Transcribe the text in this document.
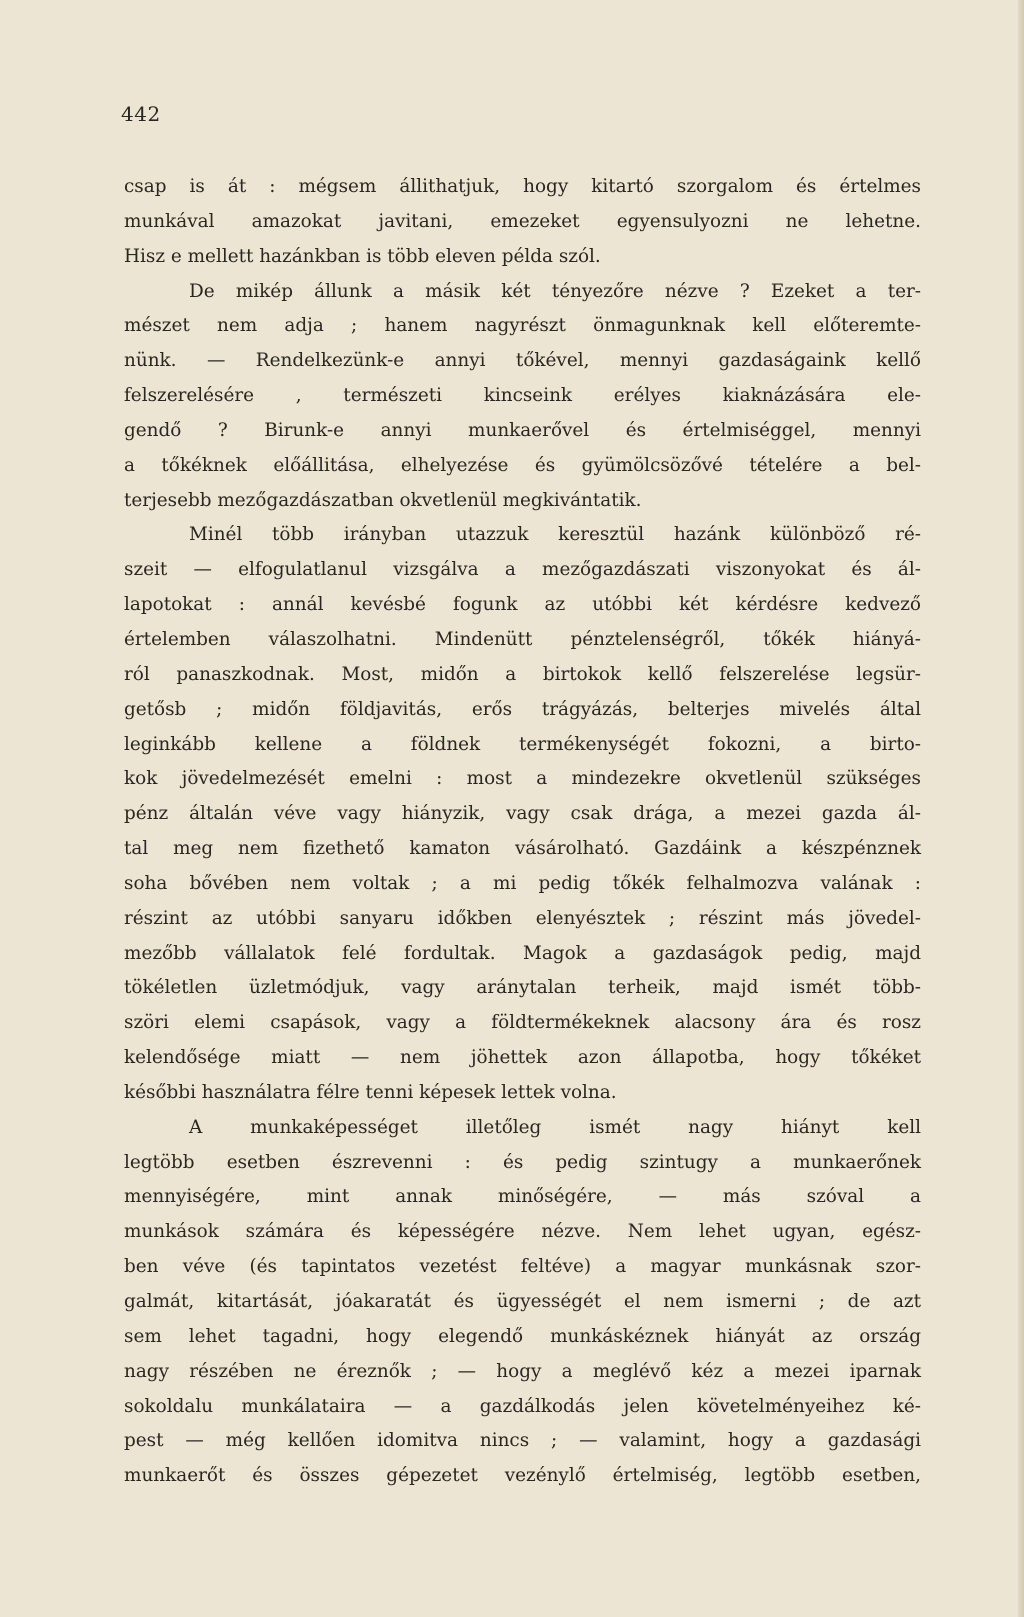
442
csap is át : mégsem állithatjuk, hogy kitartó szorgalom és értelmes
munkával amazokat javitani, emezeket egyensulyozni ne lehetne.
Hisz e mellett hazánkban is több eleven példa szól.
De mikép állunk a másik két tényezőre nézve ? Ezeket a ter-
mészet nem adja ; hanem nagyrészt önmagunknak kell előteremte-
nünk. — Rendelkezünk-e annyi tőkével, mennyi gazdaságaink kellő
felszerelésére , természeti kincseink erélyes kiaknázására ele-
gendő ? Birunk-e annyi munkaerővel és értelmiséggel, mennyi
a tőkéknek előállitása, elhelyezése és gyümölcsözővé tételére a bel-
terjesebb mezőgazdászatban okvetlenül megkivántatik.
Minél több irányban utazzuk keresztül hazánk különböző ré-
szeit — elfogulatlanul vizsgálva a mezőgazdászati viszonyokat és ál-
lapotokat : annál kevésbé fogunk az utóbbi két kérdésre kedvező
értelemben válaszolhatni. Mindenütt pénztelenségről, tőkék hiányá-
ról panaszkodnak. Most, midőn a birtokok kellő felszerelése legsür-
getősb ; midőn földjavitás, erős trágyázás, belterjes mivelés által
leginkább kellene a földnek termékenységét fokozni, a birto-
kok jövedelmezését emelni : most a mindezekre okvetlenül szükséges
pénz általán véve vagy hiányzik, vagy csak drága, a mezei gazda ál-
tal meg nem fizethető kamaton vásárolható. Gazdáink a készpénznek
soha bővében nem voltak ; a mi pedig tőkék felhalmozva valának :
részint az utóbbi sanyaru időkben elenyésztek ; részint más jövedel-
mezőbb vállalatok felé fordultak. Magok a gazdaságok pedig, majd
tökéletlen üzletmódjuk, vagy aránytalan terheik, majd ismét több-
szöri elemi csapások, vagy a földtermékeknek alacsony ára és rosz
kelendősége miatt — nem jöhettek azon állapotba, hogy tőkéket
későbbi használatra félre tenni képesek lettek volna.
A munkaképességet illetőleg ismét nagy hiányt kell
legtöbb esetben észrevenni : és pedig szintugy a munkaerőnek
mennyiségére, mint annak minőségére, — más szóval a
munkások számára és képességére nézve. Nem lehet ugyan, egész-
ben véve (és tapintatos vezetést feltéve) a magyar munkásnak szor-
galmát, kitartását, jóakaratát és ügyességét el nem ismerni ; de azt
sem lehet tagadni, hogy elegendő munkáskéznek hiányát az ország
nagy részében ne éreznők ; — hogy a meglévő kéz a mezei iparnak
sokoldalu munkálataira — a gazdálkodás jelen követelményeihez ké-
pest — még kellően idomitva nincs ; — valamint, hogy a gazdasági
munkaerőt és összes gépezetet vezénylő értelmiség, legtöbb esetben,
